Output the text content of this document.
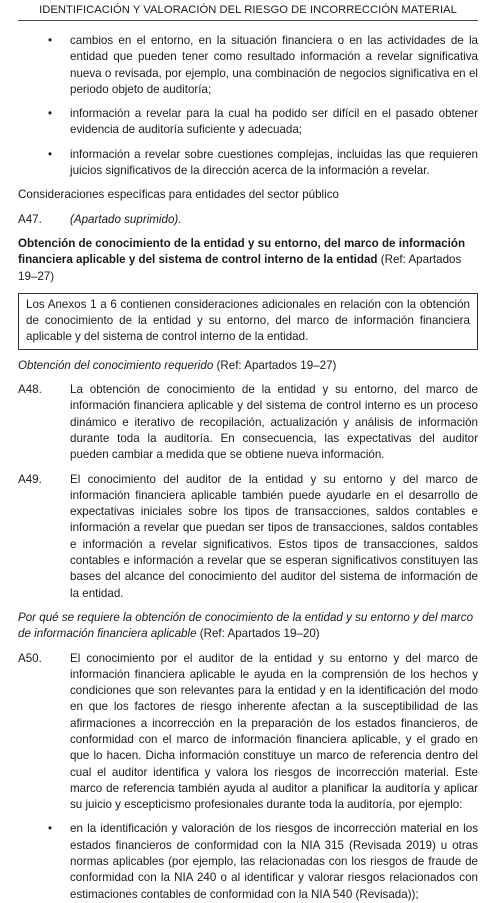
IDENTIFICACIÓN Y VALORACIÓN DEL RIESGO DE INCORRECCIÓN MATERIAL
• cambios en el entorno, en la situación financiera o en las actividades de la entidad que pueden tener como resultado información a revelar significativa nueva o revisada, por ejemplo, una combinación de negocios significativa en el periodo objeto de auditoría;
• información a revelar para la cual ha podido ser difícil en el pasado obtener evidencia de auditoría suficiente y adecuada;
• información a revelar sobre cuestiones complejas, incluidas las que requieren juicios significativos de la dirección acerca de la información a revelar.

Consideraciones específicas para entidades del sector público

A47. (Apartado suprimido).

Obtención de conocimiento de la entidad y su entorno, del marco de información financiera aplicable y del sistema de control interno de la entidad (Ref: Apartados 19–27)

Los Anexos 1 a 6 contienen consideraciones adicionales en relación con la obtención de conocimiento de la entidad y su entorno, del marco de información financiera aplicable y del sistema de control interno de la entidad.

Obtención del conocimiento requerido (Ref: Apartados 19–27)

A48. La obtención de conocimiento de la entidad y su entorno, del marco de información financiera aplicable y del sistema de control interno es un proceso dinámico e iterativo de recopilación, actualización y análisis de información durante toda la auditoría. En consecuencia, las expectativas del auditor pueden cambiar a medida que se obtiene nueva información.
A49. El conocimiento del auditor de la entidad y su entorno y del marco de información financiera aplicable también puede ayudarle en el desarrollo de expectativas iniciales sobre los tipos de transacciones, saldos contables e información a revelar que puedan ser tipos de transacciones, saldos contables e información a revelar significativos. Estos tipos de transacciones, saldos contables e información a revelar que se esperan significativos constituyen las bases del alcance del conocimiento del auditor del sistema de información de la entidad.

Por qué se requiere la obtención de conocimiento de la entidad y su entorno y del marco de información financiera aplicable (Ref: Apartados 19–20)

A50. El conocimiento por el auditor de la entidad y su entorno y del marco de información financiera aplicable le ayuda en la comprensión de los hechos y condiciones que son relevantes para la entidad y en la identificación del modo en que los factores de riesgo inherente afectan a la susceptibilidad de las afirmaciones a incorrección en la preparación de los estados financieros, de conformidad con el marco de información financiera aplicable, y el grado en que lo hacen. Dicha información constituye un marco de referencia dentro del cual el auditor identifica y valora los riesgos de incorrección material. Este marco de referencia también ayuda al auditor a planificar la auditoría y aplicar su juicio y escepticismo profesionales durante toda la auditoría, por ejemplo:
• en la identificación y valoración de los riesgos de incorrección material en los estados financieros de conformidad con la NIA 315 (Revisada 2019) u otras normas aplicables (por ejemplo, las relacionadas con los riesgos de fraude de conformidad con la NIA 240 o al identificar y valorar riesgos relacionados con estimaciones contables de conformidad con la NIA 540 (Revisada));
